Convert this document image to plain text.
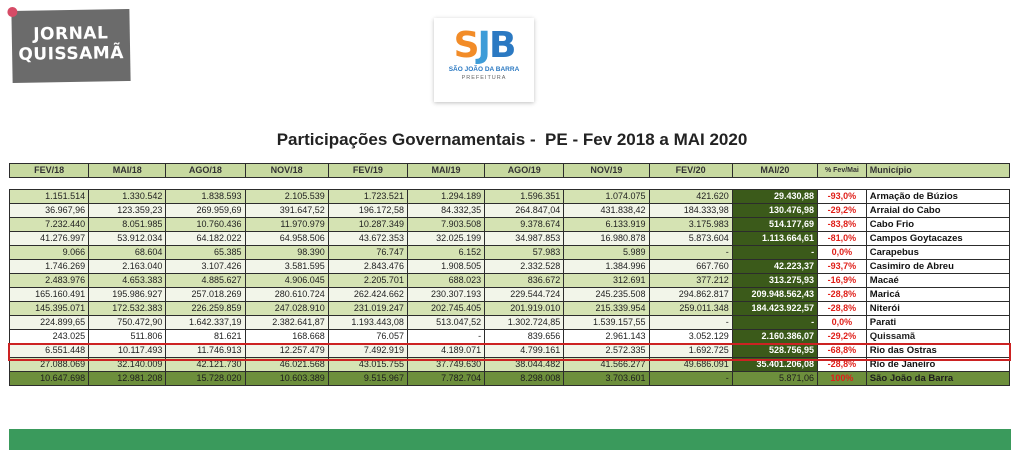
JORNAL
QUISSAMÃ	SJB
SÃO JOÃO DA BARRA
PREFEITURA
Participações Governamentais -  PE - Fev 2018 a MAI 2020
FEV/18	MAI/18	AGO/18	NOV/18	FEV/19	MAI/19	AGO/19	NOV/19	FEV/20	MAI/20	% Fev/Mai	Município
1.151.514	1.330.542	1.838.593	2.105.539	1.723.521	1.294.189	1.596.351	1.074.075	421.620	29.430,88	-93,0%	Armação de Búzios
36.967,96	123.359,23	269.959,69	391.647,52	196.172,58	84.332,35	264.847,04	431.838,42	184.333,98	130.476,98	-29,2%	Arraial do Cabo
7.232.440	8.051.985	10.760.436	11.970.979	10.287.349	7.903.508	9.378.674	6.133.919	3.175.983	514.177,69	-83,8%	Cabo Frio
41.276.997	53.912.034	64.182.022	64.958.506	43.672.353	32.025.199	34.987.853	16.980.878	5.873.604	1.113.664,61	-81,0%	Campos Goytacazes
9.066	68.604	65.385	98.390	76.747	6.152	57.983	5.989	-	-	0,0%	Carapebus
1.746.269	2.163.040	3.107.426	3.581.595	2.843.476	1.908.505	2.332.528	1.384.996	667.760	42.223,37	-93,7%	Casimiro de Abreu
2.483.976	4.653.383	4.885.627	4.906.045	2.205.701	688.023	836.672	312.691	377.212	313.275,93	-16,9%	Macaé
165.160.491	195.986.927	257.018.269	280.610.724	262.424.662	230.307.193	229.544.724	245.235.508	294.862.817	209.948.562,43	-28,8%	Maricá
145.395.071	172.532.383	226.259.859	247.028.910	231.019.247	202.745.405	201.919.010	215.339.954	259.011.348	184.423.922,57	-28,8%	Niterói
224.899,65	750.472,90	1.642.337,19	2.382.641,87	1.193.443,08	513.047,52	1.302.724,85	1.539.157,55	-	-	0,0%	Parati
243.025	511.806	81.621	168.668	76.057	-	839.656	2.961.143	3.052.129	2.160.386,07	-29,2%	Quissamã
6.551.448	10.117.493	11.746.913	12.257.479	7.492.919	4.189.071	4.799.161	2.572.335	1.692.725	528.756,95	-68,8%	Rio das Ostras
27.088.069	32.140.009	42.121.730	46.021.568	43.015.755	37.749.630	38.044.482	41.566.277	49.686.091	35.401.206,08	-28,8%	Rio de Janeiro
10.647.698	12.981.208	15.728.020	10.603.389	9.515.967	7.782.704	8.298.008	3.703.601	-	5.871,06	100%	São João da Barra
